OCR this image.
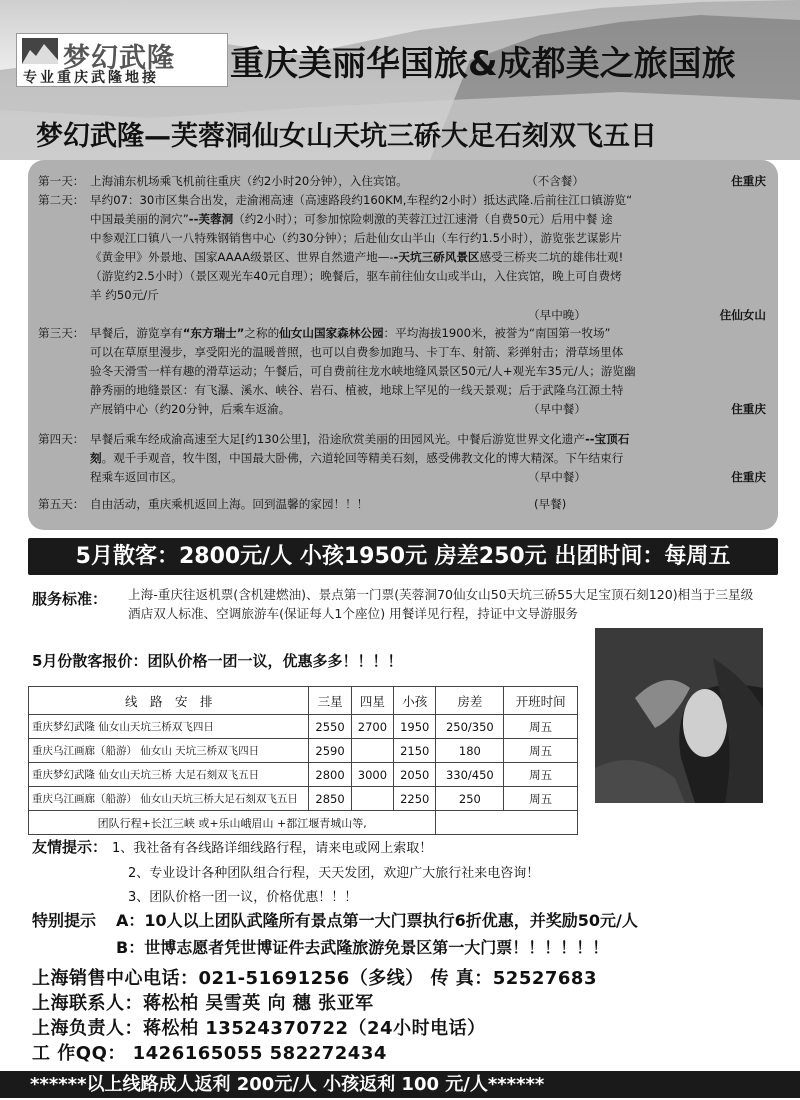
梦幻武隆
专业重庆武隆地接 重庆美丽华国旅&成都美之旅国旅
梦幻武隆—芙蓉洞仙女山天坑三硚大足石刻双飞五日
第一天： 上海浦东机场乘飞机前往重庆（约2小时20分钟），入住宾馆。	（不含餐）	住重庆
第二天： 早约07：30市区集合出发，走渝湘高速（高速路段约160KM,车程约2小时）抵达武隆.后前往江口镇游览“
中国最美丽的洞穴”--芙蓉洞（约2小时）；可参加惊险刺激的芙蓉江过江速滑（自费50元）后用中餐 途
中参观江口镇八一八特殊钢销售中心（约30分钟）；后赴仙女山半山（车行约1.5小时），游览张艺谋影片
《黄金甲》外景地、国家AAAA级景区、世界自然遗产地—--天坑三硚风景区感受三桥夹二坑的雄伟壮观!
（游览约2.5小时）（景区观光车40元自理）；晚餐后，驱车前往仙女山或半山，入住宾馆，晚上可自费烤
羊 约50元/斤
（早中晚）	住仙女山
第三天： 早餐后，游览享有“东方瑞士”之称的仙女山国家森林公园：平均海拔1900米，被誉为“南国第一牧场”
可以在草原里漫步，享受阳光的温暖普照，也可以自费参加跑马、卡丁车、射箭、彩弹射击；滑草场里体
验冬天滑雪一样有趣的滑草运动；午餐后，可自费前往龙水峡地缝风景区50元/人+观光车35元/人；游览幽
静秀丽的地缝景区：有飞瀑、溪水、峡谷、岩石、植被，地球上罕见的一线天景观；后于武隆乌江源土特
产展销中心（约20分钟，后乘车返渝。	（早中餐）	住重庆
第四天： 早餐后乘车经成渝高速至大足[约130公里]，沿途欣赏美丽的田园风光。中餐后游览世界文化遗产--宝顶石
刻。观千手观音，牧牛图，中国最大卧佛，六道轮回等精美石刻，感受佛教文化的博大精深。下午结束行
程乘车返回市区。	（早中餐）	住重庆
第五天： 自由活动，重庆乘机返回上海。回到温馨的家园！！！	(早餐)
5月散客：2800元/人 小孩1950元 房差250元 出团时间：每周五
服务标准： 上海-重庆往返机票(含机建燃油)、景点第一门票(芙蓉洞70仙女山50天坑三硚55大足宝顶石刻120)相当于三星级酒店双人标准、空调旅游车(保证每人1个座位) 用餐详见行程，持证中文导游服务
5月份散客报价：团队价格一团一议，优惠多多！！！！
线　路　安　排	三星	四星	小孩	房差	开班时间
重庆梦幻武隆 仙女山天坑三桥双飞四日	2550	2700	1950	250/350	周五
重庆乌江画廊（船游） 仙女山 天坑三桥双飞四日	2590		2150	180	周五
重庆梦幻武隆 仙女山天坑三桥 大足石刻双飞五日	2800	3000	2050	330/450	周五
重庆乌江画廊（船游） 仙女山天坑三桥大足石刻双飞五日	2850		2250	250	周五
团队行程+长江三峡 或+乐山峨眉山 +都江堰青城山等,					
友情提示： 1、我社备有各线路详细线路行程，请来电或网上索取！
2、专业设计各种团队组合行程，天天发团，欢迎广大旅行社来电咨询！
3、团队价格一团一议，价格优惠！！！
特别提示 A：10人以上团队武隆所有景点第一大门票执行6折优惠，并奖励50元/人
B：世博志愿者凭世博证件去武隆旅游免景区第一大门票！！！！！！
上海销售中心电话：021-51691256（多线） 传 真：52527683
上海联系人：蒋松柏 吴雪英 向 穗 张亚军
上海负责人：蒋松柏 13524370722（24小时电话）
工 作QQ： 1426165055 582272434
******以上线路成人返利 200元/人 小孩返利 100 元/人******
